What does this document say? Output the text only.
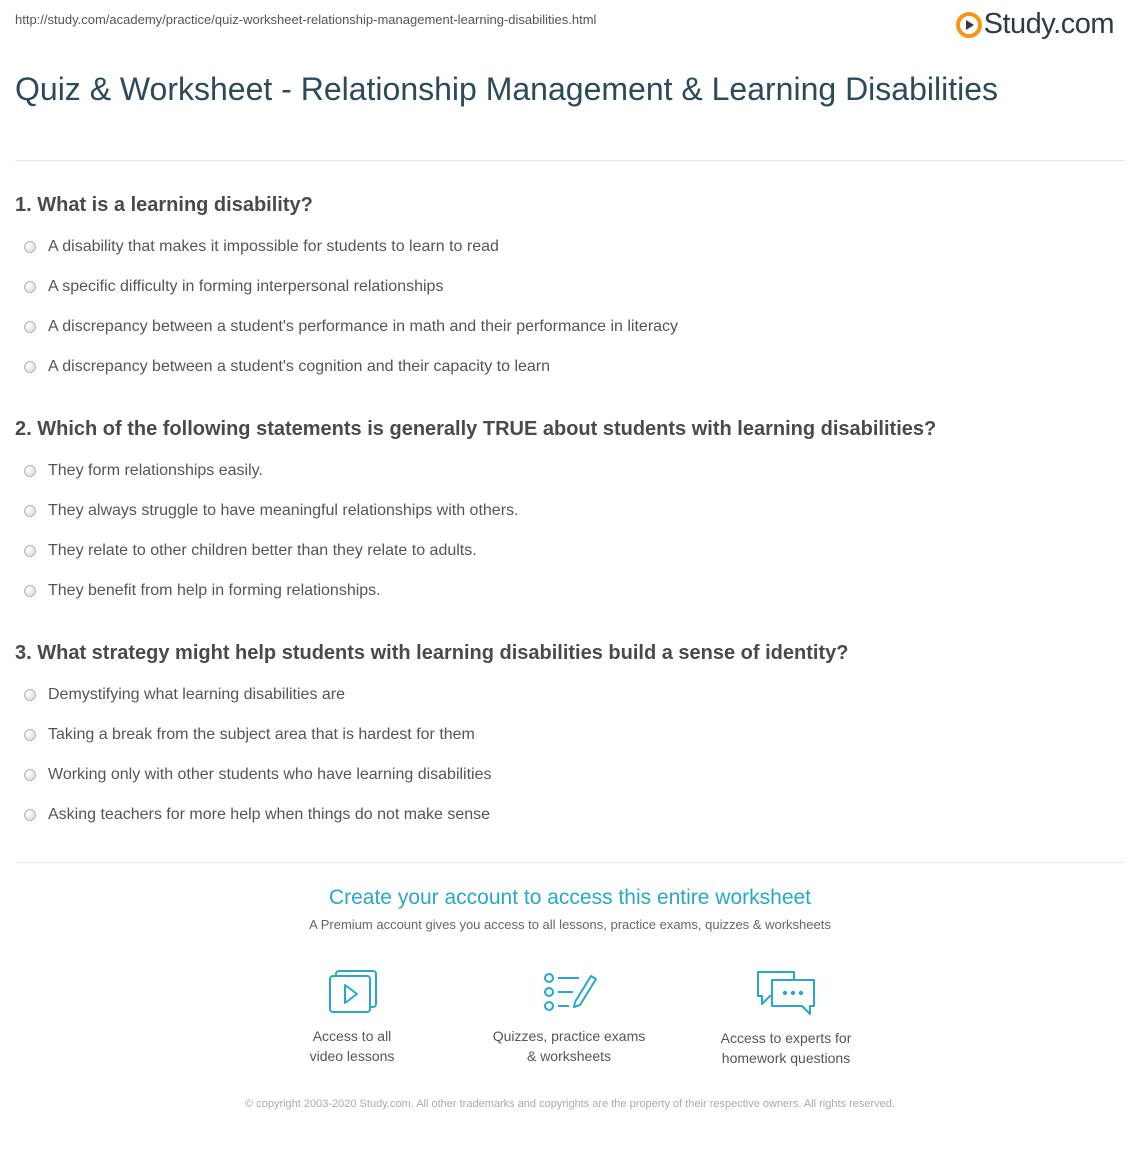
http://study.com/academy/practice/quiz-worksheet-relationship-management-learning-disabilities.html	Study.com
Quiz & Worksheet - Relationship Management & Learning Disabilities
1. What is a learning disability?
A disability that makes it impossible for students to learn to read
A specific difficulty in forming interpersonal relationships
A discrepancy between a student's performance in math and their performance in literacy
A discrepancy between a student's cognition and their capacity to learn
2. Which of the following statements is generally TRUE about students with learning disabilities?
They form relationships easily.
They always struggle to have meaningful relationships with others.
They relate to other children better than they relate to adults.
They benefit from help in forming relationships.
3. What strategy might help students with learning disabilities build a sense of identity?
Demystifying what learning disabilities are
Taking a break from the subject area that is hardest for them
Working only with other students who have learning disabilities
Asking teachers for more help when things do not make sense
Create your account to access this entire worksheet
A Premium account gives you access to all lessons, practice exams, quizzes & worksheets
Access to all
video lessons
Quizzes, practice exams
& worksheets
Access to experts for
homework questions
© copyright 2003-2020 Study.com. All other trademarks and copyrights are the property of their respective owners. All rights reserved.
